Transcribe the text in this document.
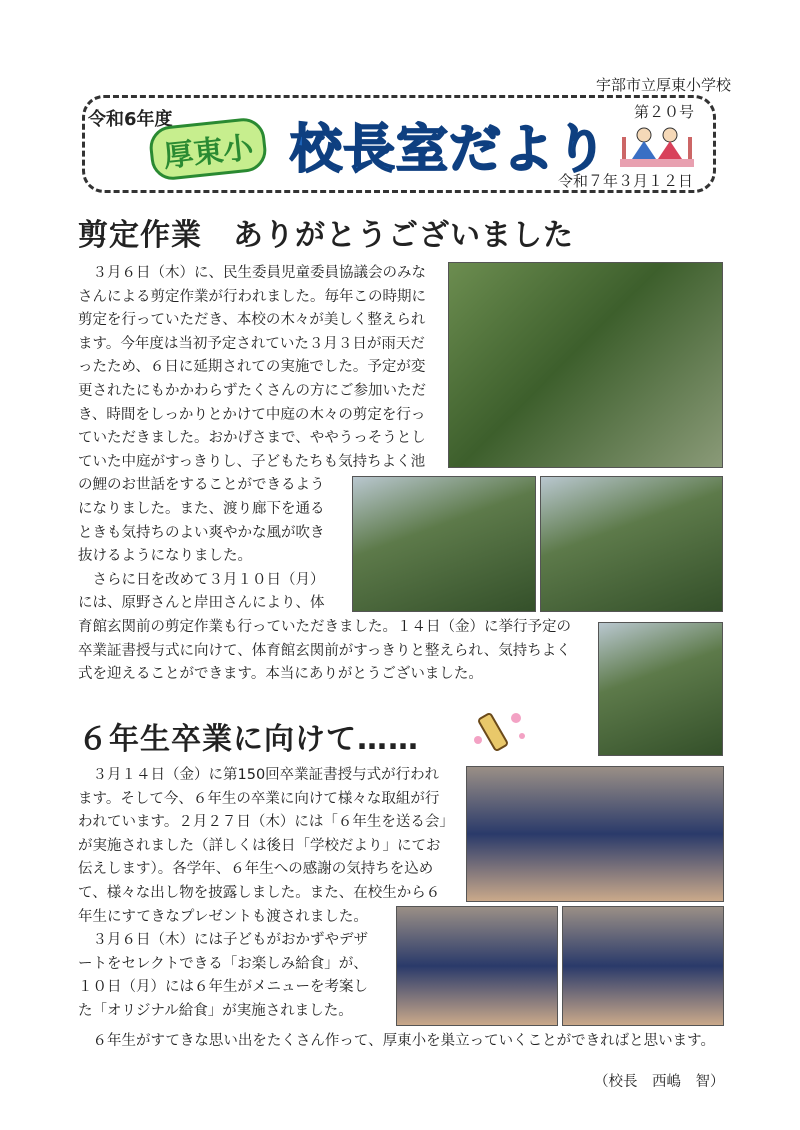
宇部市立厚東小学校
令和6年度
厚東小 校長室だより
第２０号
令和７年３月１２日
剪定作業　ありがとうございました
　３月６日（木）に、民生委員児童委員協議会のみな
さんによる剪定作業が行われました。毎年この時期に
剪定を行っていただき、本校の木々が美しく整えられ
ます。今年度は当初予定されていた３月３日が雨天だ
ったため、６日に延期されての実施でした。予定が変
更されたにもかかわらずたくさんの方にご参加いただ
き、時間をしっかりとかけて中庭の木々の剪定を行っ
ていただきました。おかげさまで、ややうっそうとし
ていた中庭がすっきりし、子どもたちも気持ちよく池
の鯉のお世話をすることができるよう
になりました。また、渡り廊下を通る
ときも気持ちのよい爽やかな風が吹き
抜けるようになりました。
　さらに日を改めて３月１０日（月）
には、原野さんと岸田さんにより、体
育館玄関前の剪定作業も行っていただきました。１４日（金）に挙行予定の
卒業証書授与式に向けて、体育館玄関前がすっきりと整えられ、気持ちよく
式を迎えることができます。本当にありがとうございました。
６年生卒業に向けて……
　３月１４日（金）に第150回卒業証書授与式が行われ
ます。そして今、６年生の卒業に向けて様々な取組が行
われています。２月２７日（木）には「６年生を送る会」
が実施されました（詳しくは後日「学校だより」にてお
伝えします）。各学年、６年生への感謝の気持ちを込め
て、様々な出し物を披露しました。また、在校生から６
年生にすてきなプレゼントも渡されました。
　３月６日（木）には子どもがおかずやデザ
ートをセレクトできる「お楽しみ給食」が、
１０日（月）には６年生がメニューを考案し
た「オリジナル給食」が実施されました。
　６年生がすてきな思い出をたくさん作って、厚東小を巣立っていくことができればと思います。
（校長　西嶋　智）
